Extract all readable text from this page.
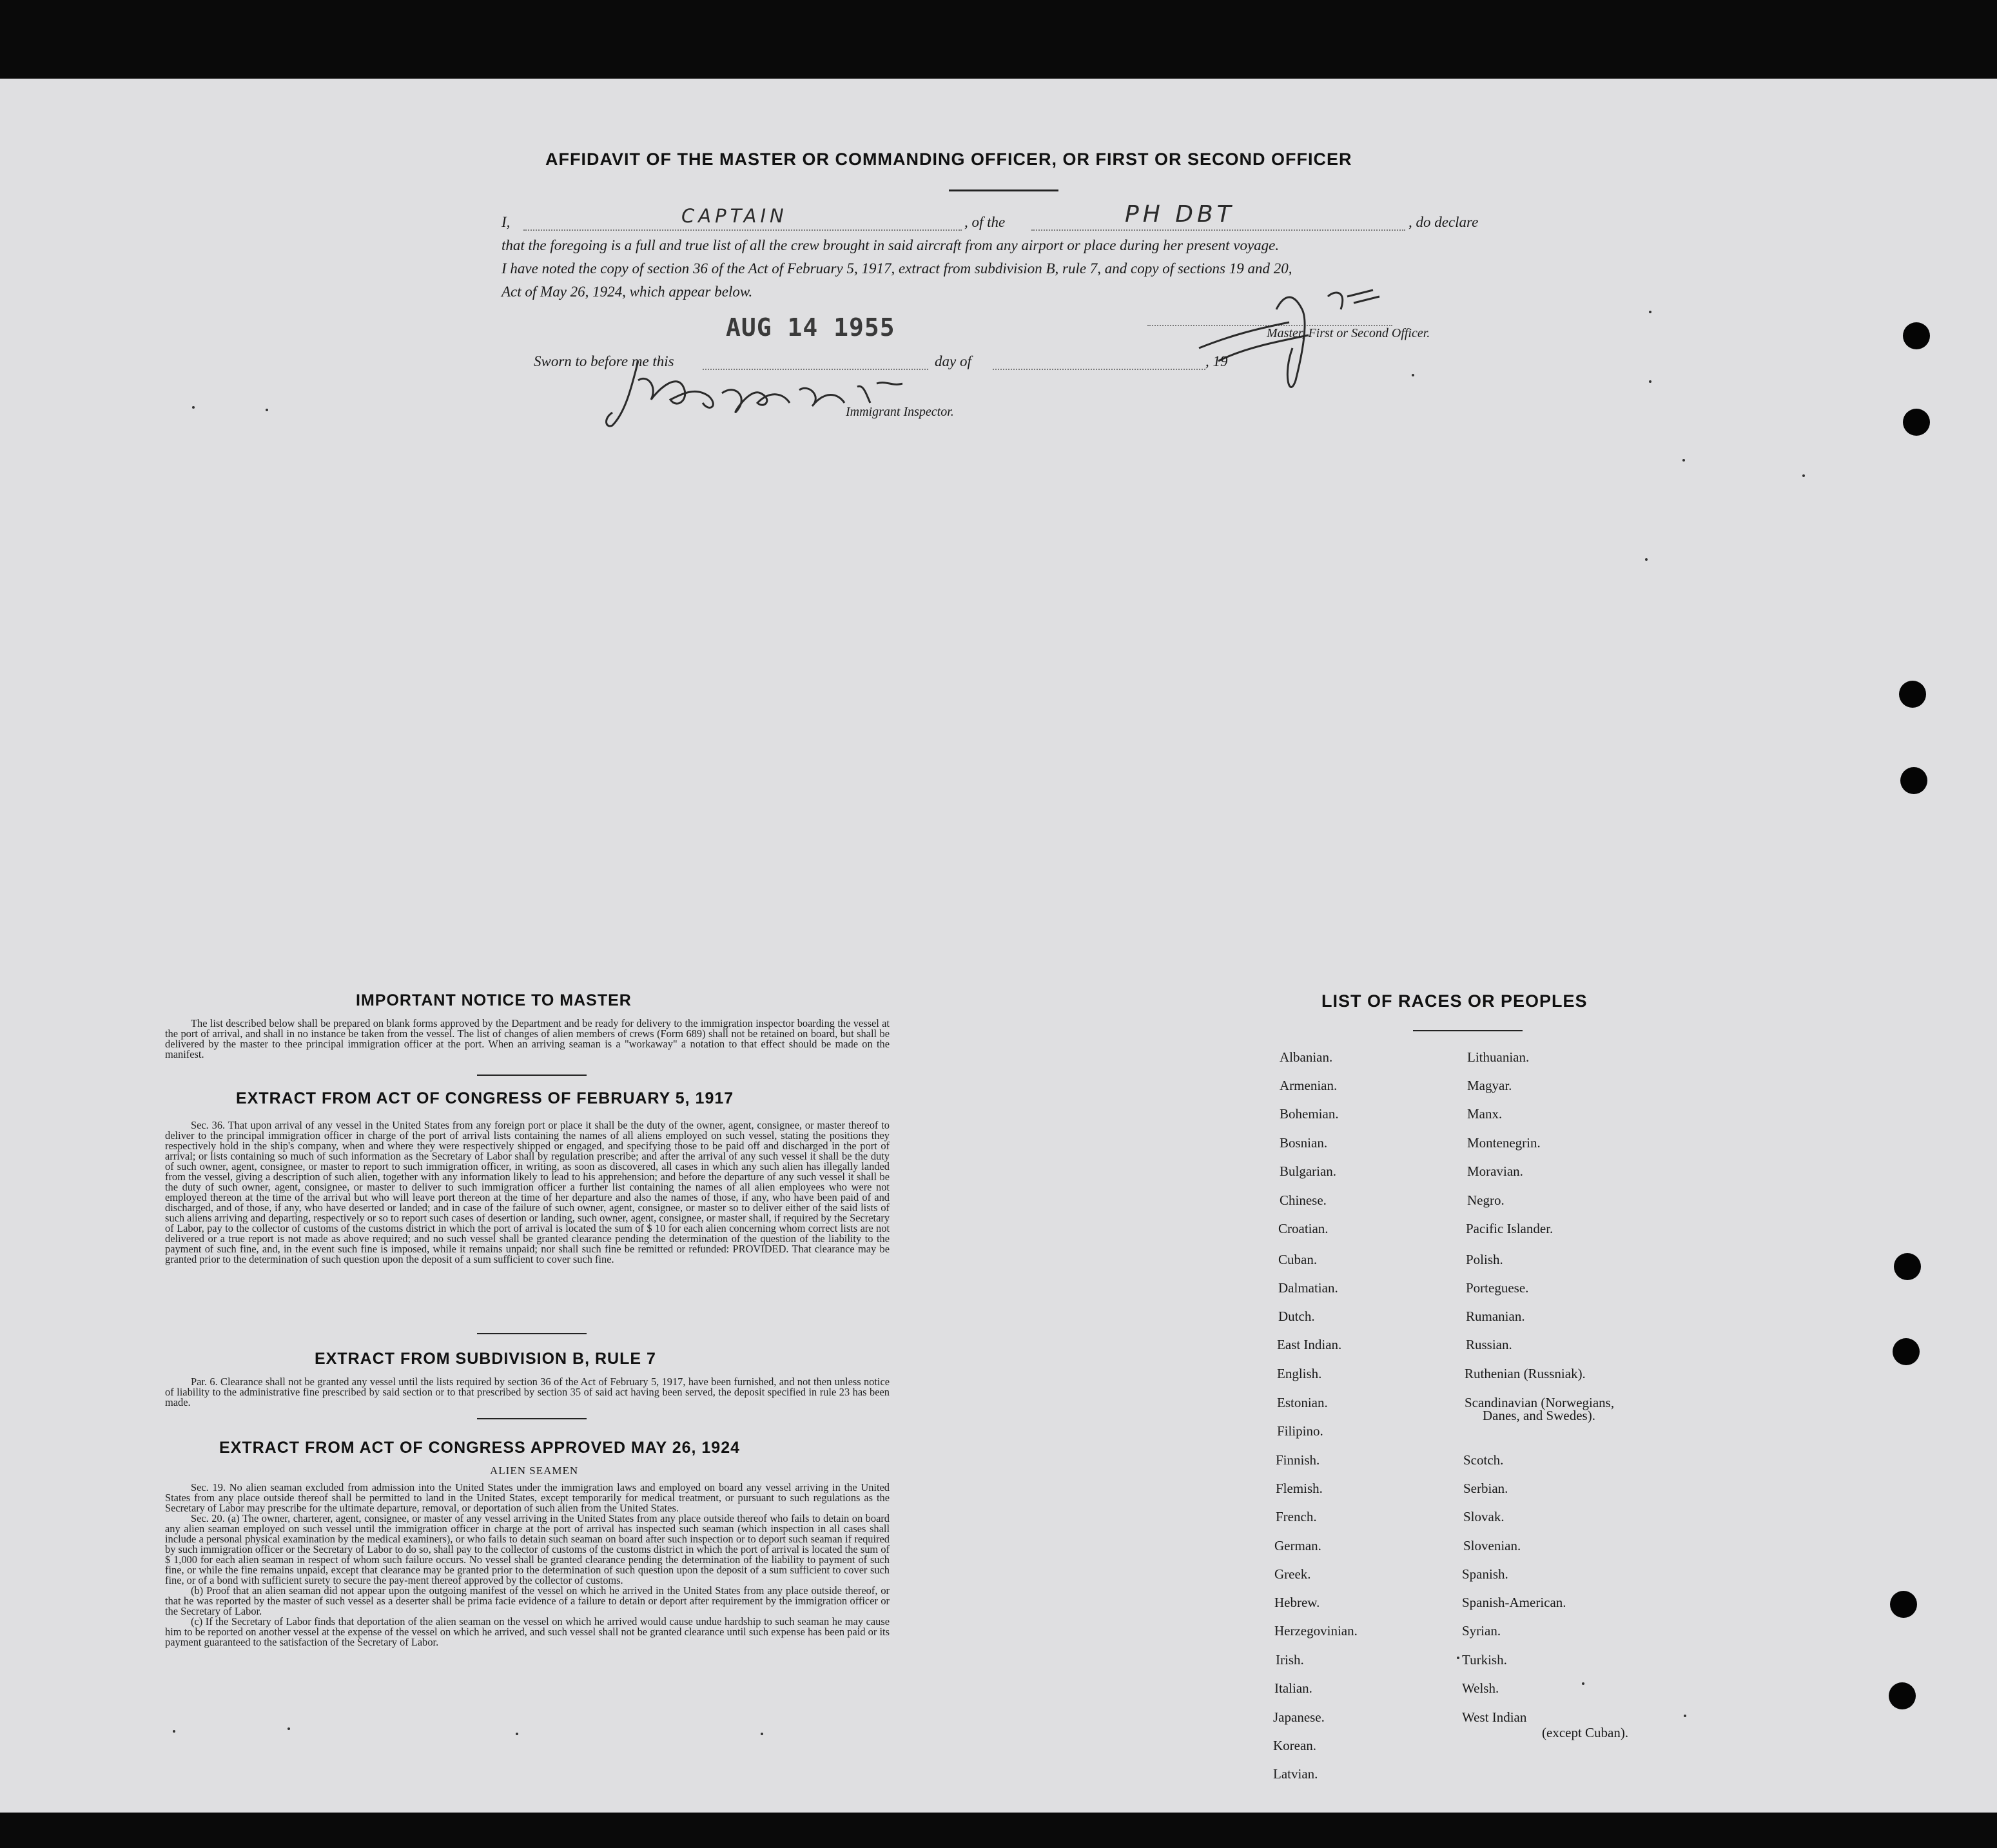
AFFIDAVIT OF THE MASTER OR COMMANDING OFFICER, OR FIRST OR SECOND OFFICER
I,	CAPTAIN	, of the	PH DBT	, do declare
that the foregoing is a full and true list of all the crew brought in said aircraft from any airport or place during her present voyage.
I have noted the copy of section 36 of the Act of February 5, 1917, extract from subdivision B, rule 7, and copy of sections 19 and 20,
Act of May 26, 1924, which appear below.
AUG 14 1955	Master, First or Second Officer.
Sworn to before me this	day of	, 19
Immigrant Inspector.
IMPORTANT NOTICE TO MASTER

The list described below shall be prepared on blank forms approved by the Department and be ready for delivery to the immigration inspector boarding the vessel at the port of arrival, and shall in no instance be taken from the vessel. The list of changes of alien members of crews (Form 689) shall not be retained on board, but shall be delivered by the master to thee principal immigration officer at the port. When an arriving seaman is a "workaway" a notation to that effect should be made on the manifest.

EXTRACT FROM ACT OF CONGRESS OF FEBRUARY 5, 1917

Sec. 36. That upon arrival of any vessel in the United States from any foreign port or place it shall be the duty of the owner, agent, consignee, or master thereof to deliver to the principal immigration officer in charge of the port of arrival lists containing the names of all aliens employed on such vessel, stating the positions they respectively hold in the ship's company, when and where they were respectively shipped or engaged, and specifying those to be paid off and discharged in the port of arrival; or lists containing so much of such information as the Secretary of Labor shall by regulation prescribe; and after the arrival of any such vessel it shall be the duty of such owner, agent, consignee, or master to report to such immigration officer, in writing, as soon as discovered, all cases in which any such alien has illegally landed from the vessel, giving a description of such alien, together with any information likely to lead to his apprehension; and before the departure of any such vessel it shall be the duty of such owner, agent, consignee, or master to deliver to such immigration officer a further list containing the names of all alien employees who were not employed thereon at the time of the arrival but who will leave port thereon at the time of her departure and also the names of those, if any, who have been paid of and discharged, and of those, if any, who have deserted or landed; and in case of the failure of such owner, agent, consignee, or master so to deliver either of the said lists of such aliens arriving and departing, respectively or so to report such cases of desertion or landing, such owner, agent, consignee, or master shall, if required by the Secretary of Labor, pay to the collector of customs of the customs district in which the port of arrival is located the sum of $ 10 for each alien concerning whom correct lists are not delivered or a true report is not made as above required; and no such vessel shall be granted clearance pending the determination of the question of the liability to the payment of such fine, and, in the event such fine is imposed, while it remains unpaid; nor shall such fine be remitted or refunded: PROVIDED. That clearance may be granted prior to the determination of such question upon the deposit of a sum sufficient to cover such fine.

EXTRACT FROM SUBDIVISION B, RULE 7

Par. 6. Clearance shall not be granted any vessel until the lists required by section 36 of the Act of February 5, 1917, have been furnished, and not then unless notice of liability to the administrative fine prescribed by said section or to that prescribed by section 35 of said act having been served, the deposit specified in rule 23 has been made.

EXTRACT FROM ACT OF CONGRESS APPROVED MAY 26, 1924
ALIEN SEAMEN

Sec. 19. No alien seaman excluded from admission into the United States under the immigration laws and employed on board any vessel arriving in the United States from any place outside thereof shall be permitted to land in the United States, except temporarily for medical treatment, or pursuant to such regulations as the Secretary of Labor may prescribe for the ultimate departure, removal, or deportation of such alien from the United States.

Sec. 20. (a) The owner, charterer, agent, consignee, or master of any vessel arriving in the United States from any place outside thereof who fails to detain on board any alien seaman employed on such vessel until the immigration officer in charge at the port of arrival has inspected such seaman (which inspection in all cases shall include a personal physical examination by the medical examiners), or who fails to detain such seaman on board after such inspection or to deport such seaman if required by such immigration officer or the Secretary of Labor to do so, shall pay to the collector of customs of the customs district in which the port of arrival is located the sum of $ 1,000 for each alien seaman in respect of whom such failure occurs. No vessel shall be granted clearance pending the determination of the liability to payment of such fine, or while the fine remains unpaid, except that clearance may be granted prior to the determination of such question upon the deposit of a sum sufficient to cover such fine, or of a bond with sufficient surety to secure the pay-ment thereof approved by the collector of customs.

(b) Proof that an alien seaman did not appear upon the outgoing manifest of the vessel on which he arrived in the United States from any place outside thereof, or that he was reported by the master of such vessel as a deserter shall be prima facie evidence of a failure to detain or deport after requirement by the immigration officer or the Secretary of Labor.

(c) If the Secretary of Labor finds that deportation of the alien seaman on the vessel on which he arrived would cause undue hardship to such seaman he may cause him to be reported on another vessel at the expense of the vessel on which he arrived, and such vessel shall not be granted clearance until such expense has been paid or its payment guaranteed to the satisfaction of the Secretary of Labor.

LIST OF RACES OR PEOPLES
Albanian.
Armenian.
Bohemian.
Bosnian.
Bulgarian.
Chinese.
Croatian.
Cuban.
Dalmatian.
Dutch.
East Indian.
English.
Estonian.
Filipino.
Finnish.
Flemish.
French.
German.
Greek.
Hebrew.
Herzegovinian.
Irish.
Italian.
Japanese.
Korean.
Latvian.
Lithuanian.
Magyar.
Manx.
Montenegrin.
Moravian.
Negro.
Pacific Islander.
Polish.
Porteguese.
Rumanian.
Russian.
Ruthenian (Russniak).
Scandinavian (Norwegians,
Danes, and Swedes).
Scotch.
Serbian.
Slovak.
Slovenian.
Spanish.
Spanish-American.
Syrian.
Turkish.
Welsh.
West Indian
(except Cuban).
